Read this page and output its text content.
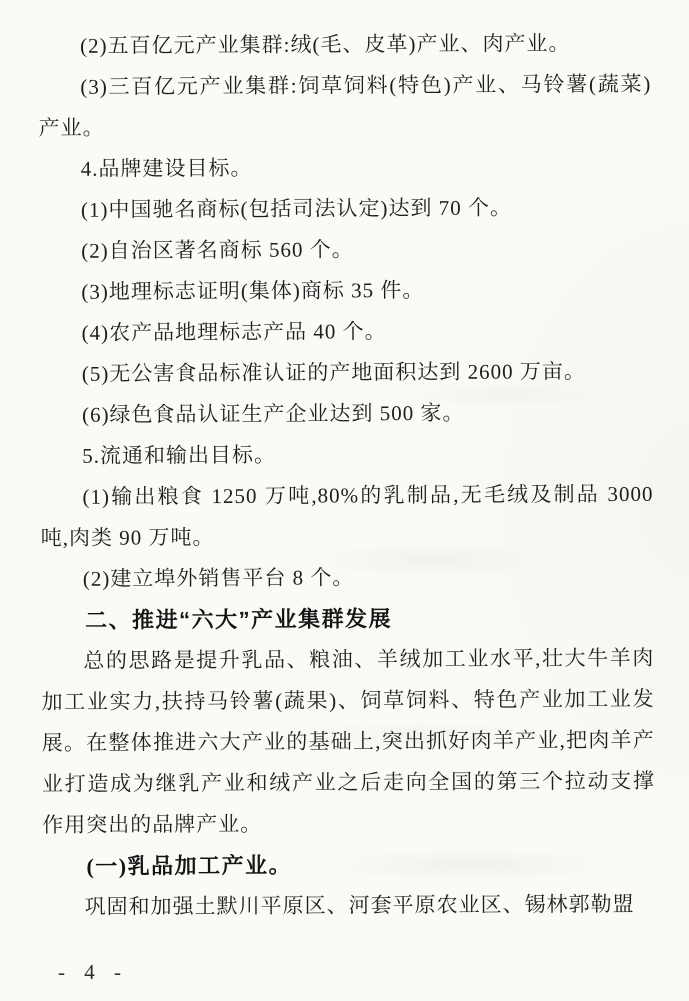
(2)五百亿元产业集群:绒(毛、皮革)产业、肉产业。

(3)三百亿元产业集群:饲草饲料(特色)产业、马铃薯(蔬菜)产业。

4.品牌建设目标。

(1)中国驰名商标(包括司法认定)达到 70 个。

(2)自治区著名商标 560 个。

(3)地理标志证明(集体)商标 35 件。

(4)农产品地理标志产品 40 个。

(5)无公害食品标准认证的产地面积达到 2600 万亩。

(6)绿色食品认证生产企业达到 500 家。

5.流通和输出目标。

(1)输出粮食 1250 万吨,80%的乳制品,无毛绒及制品 3000 吨,肉类 90 万吨。

(2)建立埠外销售平台 8 个。

二、推进“六大”产业集群发展

总的思路是提升乳品、粮油、羊绒加工业水平,壮大牛羊肉加工业实力,扶持马铃薯(蔬果)、饲草饲料、特色产业加工业发展。在整体推进六大产业的基础上,突出抓好肉羊产业,把肉羊产业打造成为继乳产业和绒产业之后走向全国的第三个拉动支撑作用突出的品牌产业。

(一)乳品加工产业。

巩固和加强土默川平原区、河套平原农业区、锡林郭勒盟

- 4 -
